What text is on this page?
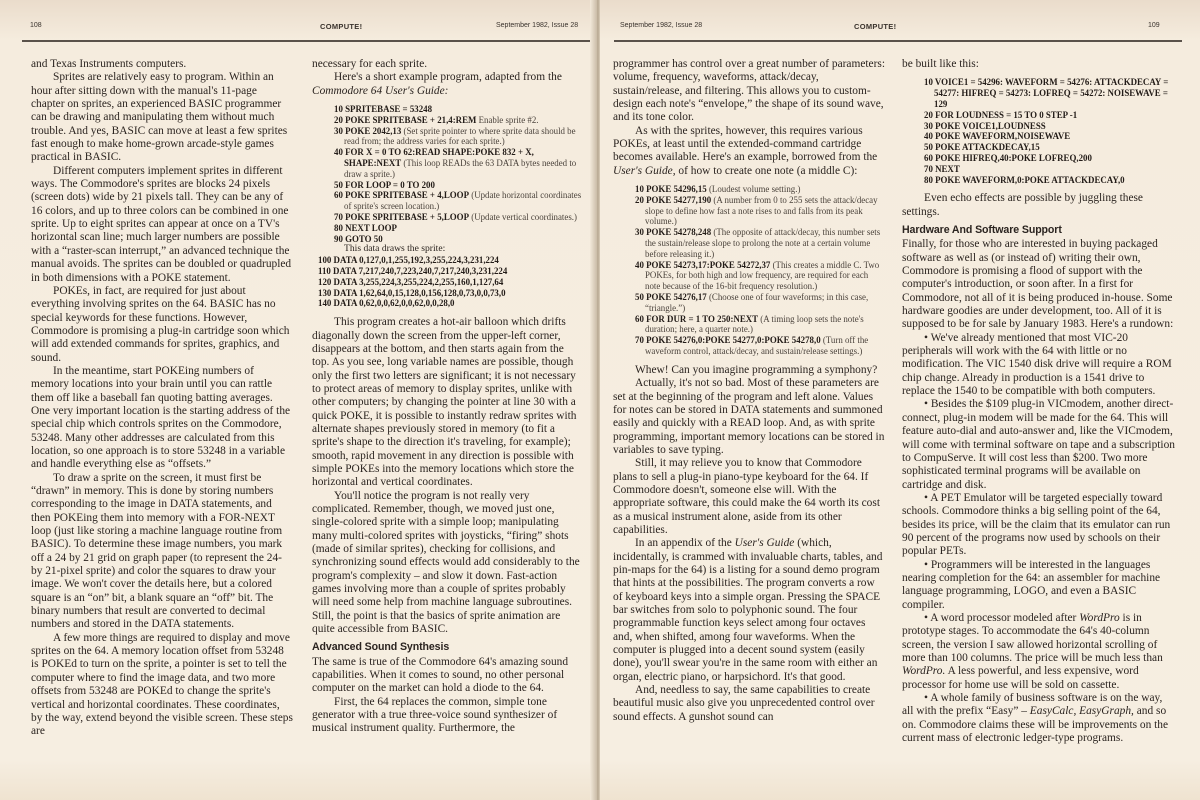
108	COMPUTE!	September 1982, Issue 28

and Texas Instruments computers.

Sprites are relatively easy to program. Within an hour after sitting down with the manual's 11-page chapter on sprites, an experienced BASIC programmer can be drawing and manipulating them without much trouble. And yes, BASIC can move at least a few sprites fast enough to make home-grown arcade-style games practical in BASIC.

Different computers implement sprites in different ways. The Commodore's sprites are blocks 24 pixels (screen dots) wide by 21 pixels tall. They can be any of 16 colors, and up to three colors can be combined in one sprite. Up to eight sprites can appear at once on a TV's horizontal scan line; much larger numbers are possible with a “raster-scan interrupt,” an advanced technique the manual avoids. The sprites can be doubled or quadrupled in both dimensions with a POKE statement.

POKEs, in fact, are required for just about everything involving sprites on the 64. BASIC has no special keywords for these functions. However, Commodore is promising a plug-in cartridge soon which will add extended commands for sprites, graphics, and sound.

In the meantime, start POKEing numbers of memory locations into your brain until you can rattle them off like a baseball fan quoting batting averages. One very important location is the starting address of the special chip which controls sprites on the Commodore, 53248. Many other addresses are calculated from this location, so one approach is to store 53248 in a variable and handle everything else as “offsets.”

To draw a sprite on the screen, it must first be “drawn” in memory. This is done by storing numbers corresponding to the image in DATA statements, and then POKEing them into memory with a FOR-NEXT loop (just like storing a machine language routine from BASIC). To determine these image numbers, you mark off a 24 by 21 grid on graph paper (to represent the 24- by 21-pixel sprite) and color the squares to draw your image. We won't cover the details here, but a colored square is an “on” bit, a blank square an “off” bit. The binary numbers that result are converted to decimal numbers and stored in the DATA statements.

A few more things are required to display and move sprites on the 64. A memory location offset from 53248 is POKEd to turn on the sprite, a pointer is set to tell the computer where to find the image data, and two more offsets from 53248 are POKEd to change the sprite's vertical and horizontal coordinates. These coordinates, by the way, extend beyond the visible screen. These steps are

necessary for each sprite.

Here's a short example program, adapted from the Commodore 64 User's Guide:

10 SPRITEBASE = 53248
20 POKE SPRITEBASE + 21,4:REM Enable sprite #2.
30 POKE 2042,13 (Set sprite pointer to where sprite data should be read from; the address varies for each sprite.)
40 FOR X = 0 TO 62:READ SHAPE:POKE 832 + X, SHAPE:NEXT (This loop READs the 63 DATA bytes needed to draw a sprite.)
50 FOR LOOP = 0 TO 200
60 POKE SPRITEBASE + 4,LOOP (Update horizontal coordinates of sprite's screen location.)
70 POKE SPRITEBASE + 5,LOOP (Update vertical coordinates.)
80 NEXT LOOP
90 GOTO 50
This data draws the sprite:
100 DATA 0,127,0,1,255,192,3,255,224,3,231,224
110 DATA 7,217,240,7,223,240,7,217,240,3,231,224
120 DATA 3,255,224,3,255,224,2,255,160,1,127,64
130 DATA 1,62,64,0,15,128,0,156,128,0,73,0,0,73,0
140 DATA 0,62,0,0,62,0,0,62,0,0,28,0

This program creates a hot-air balloon which drifts diagonally down the screen from the upper-left corner, disappears at the bottom, and then starts again from the top. As you see, long variable names are possible, though only the first two letters are significant; it is not necessary to protect areas of memory to display sprites, unlike with other computers; by changing the pointer at line 30 with a quick POKE, it is possible to instantly redraw sprites with alternate shapes previously stored in memory (to fit a sprite's shape to the direction it's traveling, for example); smooth, rapid movement in any direction is possible with simple POKEs into the memory locations which store the horizontal and vertical coordinates.

You'll notice the program is not really very complicated. Remember, though, we moved just one, single-colored sprite with a simple loop; manipulating many multi-colored sprites with joysticks, “firing” shots (made of similar sprites), checking for collisions, and synchronizing sound effects would add considerably to the program's complexity – and slow it down. Fast-action games involving more than a couple of sprites probably will need some help from machine language subroutines. Still, the point is that the basics of sprite animation are quite accessible from BASIC.

Advanced Sound Synthesis

The same is true of the Commodore 64's amazing sound capabilities. When it comes to sound, no other personal computer on the market can hold a diode to the 64.

First, the 64 replaces the common, simple tone generator with a true three-voice sound synthesizer of musical instrument quality. Furthermore, the

September 1982, Issue 28	COMPUTE!	109

programmer has control over a great number of parameters: volume, frequency, waveforms, attack/decay, sustain/release, and filtering. This allows you to custom-design each note's “envelope,” the shape of its sound wave, and its tone color.

As with the sprites, however, this requires various POKEs, at least until the extended-command cartridge becomes available. Here's an example, borrowed from the User's Guide, of how to create one note (a middle C):

10 POKE 54296,15 (Loudest volume setting.)
20 POKE 54277,190 (A number from 0 to 255 sets the attack/decay slope to define how fast a note rises to and falls from its peak volume.)
30 POKE 54278,248 (The opposite of attack/decay, this number sets the sustain/release slope to prolong the note at a certain volume before releasing it.)
40 POKE 54273,17:POKE 54272,37 (This creates a middle C. Two POKEs, for both high and low frequency, are required for each note because of the 16-bit frequency resolution.)
50 POKE 54276,17 (Choose one of four waveforms; in this case, “triangle.”)
60 FOR DUR = 1 TO 250:NEXT (A timing loop sets the note's duration; here, a quarter note.)
70 POKE 54276,0:POKE 54277,0:POKE 54278,0 (Turn off the waveform control, attack/decay, and sustain/release settings.)

Whew! Can you imagine programming a symphony?

Actually, it's not so bad. Most of these parameters are set at the beginning of the program and left alone. Values for notes can be stored in DATA statements and summoned easily and quickly with a READ loop. And, as with sprite programming, important memory locations can be stored in variables to save typing.

Still, it may relieve you to know that Commodore plans to sell a plug-in piano-type keyboard for the 64. If Commodore doesn't, someone else will. With the appropriate software, this could make the 64 worth its cost as a musical instrument alone, aside from its other capabilities.

In an appendix of the User's Guide (which, incidentally, is crammed with invaluable charts, tables, and pin-maps for the 64) is a listing for a sound demo program that hints at the possibilities. The program converts a row of keyboard keys into a simple organ. Pressing the SPACE bar switches from solo to polyphonic sound. The four programmable function keys select among four octaves and, when shifted, among four waveforms. When the computer is plugged into a decent sound system (easily done), you'll swear you're in the same room with either an organ, electric piano, or harpsichord. It's that good.

And, needless to say, the same capabilities to create beautiful music also give you unprecedented control over sound effects. A gunshot sound can

be built like this:

10 VOICE1 = 54296: WAVEFORM = 54276: ATTACKDECAY = 54277: HIFREQ = 54273: LOFREQ = 54272: NOISEWAVE = 129
20 FOR LOUDNESS = 15 TO 0 STEP -1
30 POKE VOICE1,LOUDNESS
40 POKE WAVEFORM,NOISEWAVE
50 POKE ATTACKDECAY,15
60 POKE HIFREQ,40:POKE LOFREQ,200
70 NEXT
80 POKE WAVEFORM,0:POKE ATTACKDECAY,0

Even echo effects are possible by juggling these settings.

Hardware And Software Support

Finally, for those who are interested in buying packaged software as well as (or instead of) writing their own, Commodore is promising a flood of support with the computer's introduction, or soon after. In a first for Commodore, not all of it is being produced in-house. Some hardware goodies are under development, too. All of it is supposed to be for sale by January 1983. Here's a rundown:

• We've already mentioned that most VIC-20 peripherals will work with the 64 with little or no modification. The VIC 1540 disk drive will require a ROM chip change. Already in production is a 1541 drive to replace the 1540 to be compatible with both computers.

• Besides the $109 plug-in VICmodem, another direct-connect, plug-in modem will be made for the 64. This will feature auto-dial and auto-answer and, like the VICmodem, will come with terminal software on tape and a subscription to CompuServe. It will cost less than $200. Two more sophisticated terminal programs will be available on cartridge and disk.

• A PET Emulator will be targeted especially toward schools. Commodore thinks a big selling point of the 64, besides its price, will be the claim that its emulator can run 90 percent of the programs now used by schools on their popular PETs.

• Programmers will be interested in the languages nearing completion for the 64: an assembler for machine language programming, LOGO, and even a BASIC compiler.

• A word processor modeled after WordPro is in prototype stages. To accommodate the 64's 40-column screen, the version I saw allowed horizontal scrolling of more than 100 columns. The price will be much less than WordPro. A less powerful, and less expensive, word processor for home use will be sold on cassette.

• A whole family of business software is on the way, all with the prefix “Easy” – EasyCalc, EasyGraph, and so on. Commodore claims these will be improvements on the current mass of electronic ledger-type programs.
